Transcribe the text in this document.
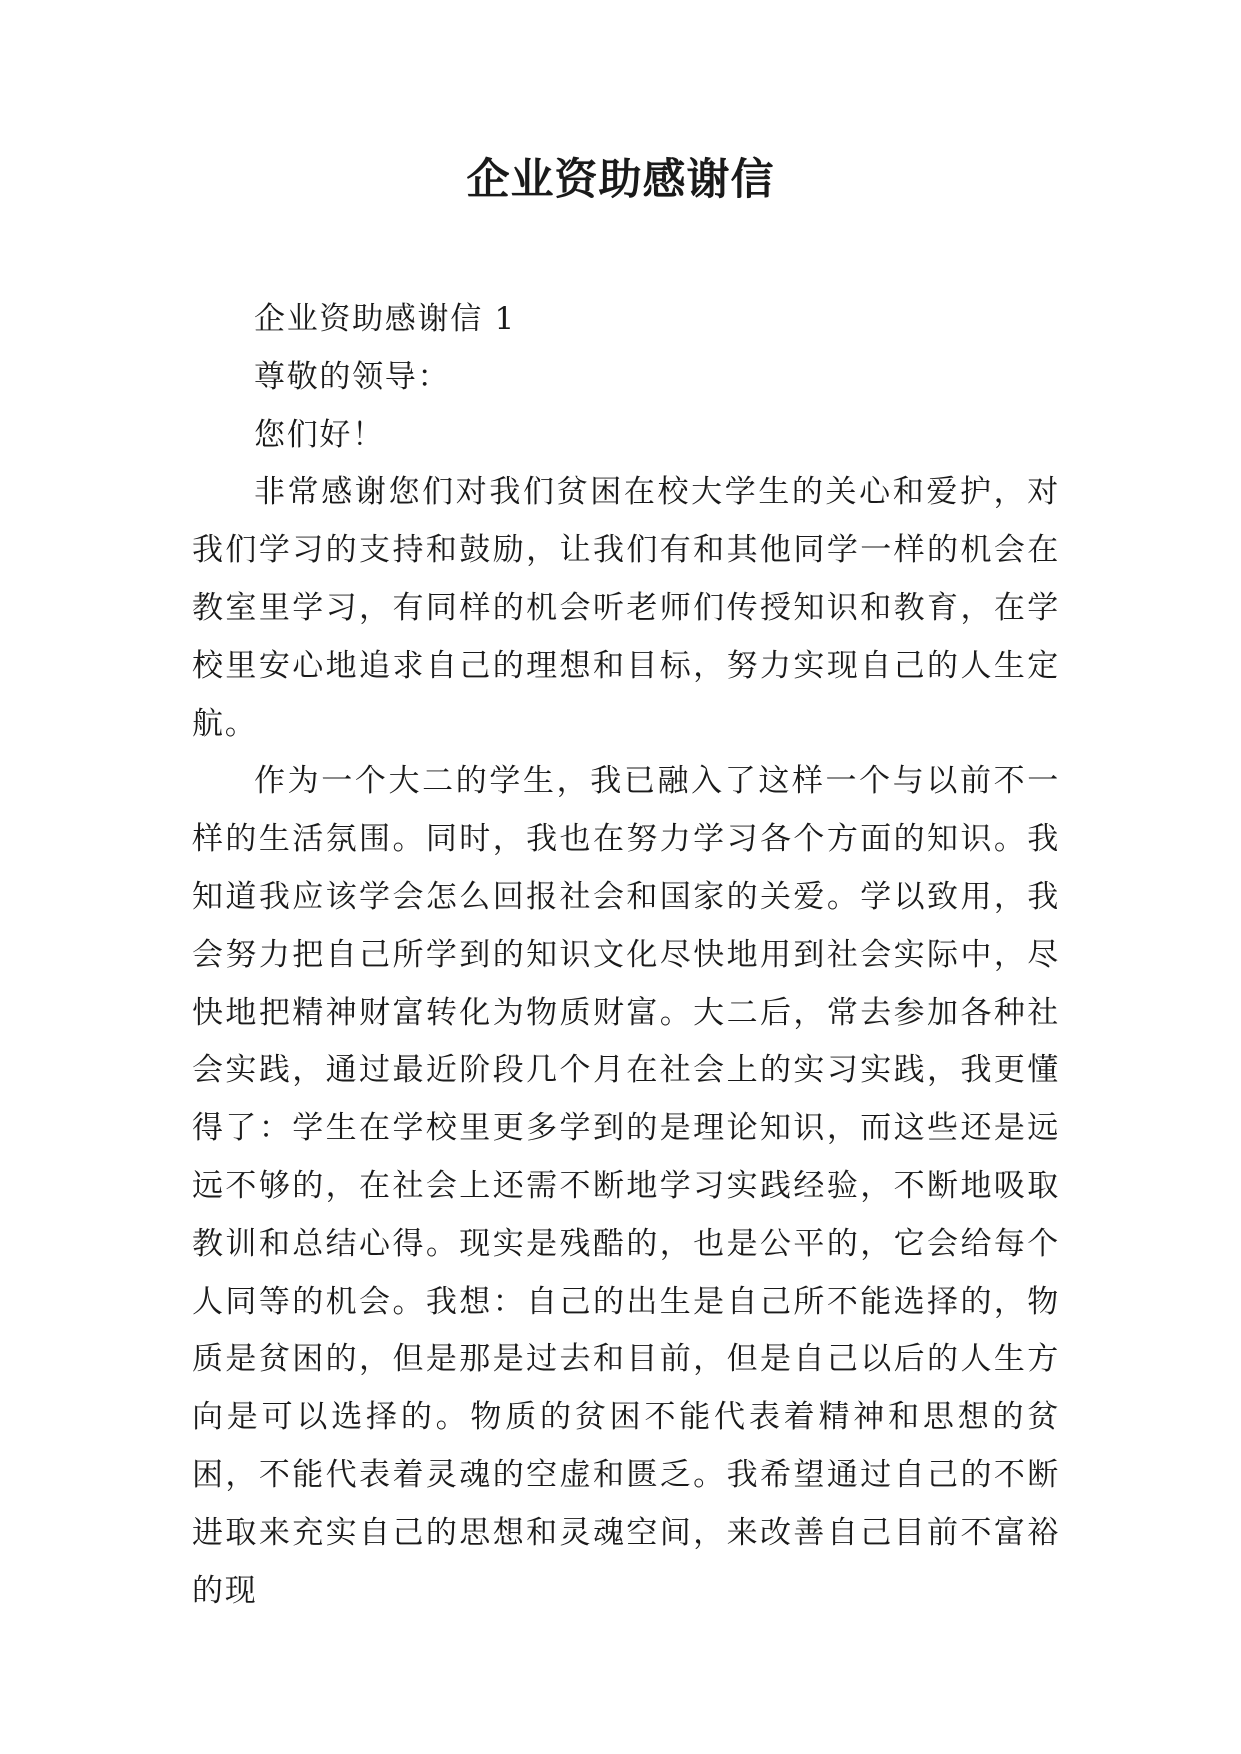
企业资助感谢信

企业资助感谢信 1

尊敬的领导：

您们好！

非常感谢您们对我们贫困在校大学生的关心和爱护，对我们学习的支持和鼓励，让我们有和其他同学一样的机会在教室里学习，有同样的机会听老师们传授知识和教育，在学校里安心地追求自己的理想和目标，努力实现自己的人生定航。

作为一个大二的学生，我已融入了这样一个与以前不一样的生活氛围。同时，我也在努力学习各个方面的知识。我知道我应该学会怎么回报社会和国家的关爱。学以致用，我会努力把自己所学到的知识文化尽快地用到社会实际中，尽快地把精神财富转化为物质财富。大二后，常去参加各种社会实践，通过最近阶段几个月在社会上的实习实践，我更懂得了：学生在学校里更多学到的是理论知识，而这些还是远远不够的，在社会上还需不断地学习实践经验，不断地吸取教训和总结心得。现实是残酷的，也是公平的，它会给每个人同等的机会。我想：自己的出生是自己所不能选择的，物质是贫困的，但是那是过去和目前，但是自己以后的人生方向是可以选择的。物质的贫困不能代表着精神和思想的贫困，不能代表着灵魂的空虚和匮乏。我希望通过自己的不断进取来充实自己的思想和灵魂空间，来改善自己目前不富裕的现
